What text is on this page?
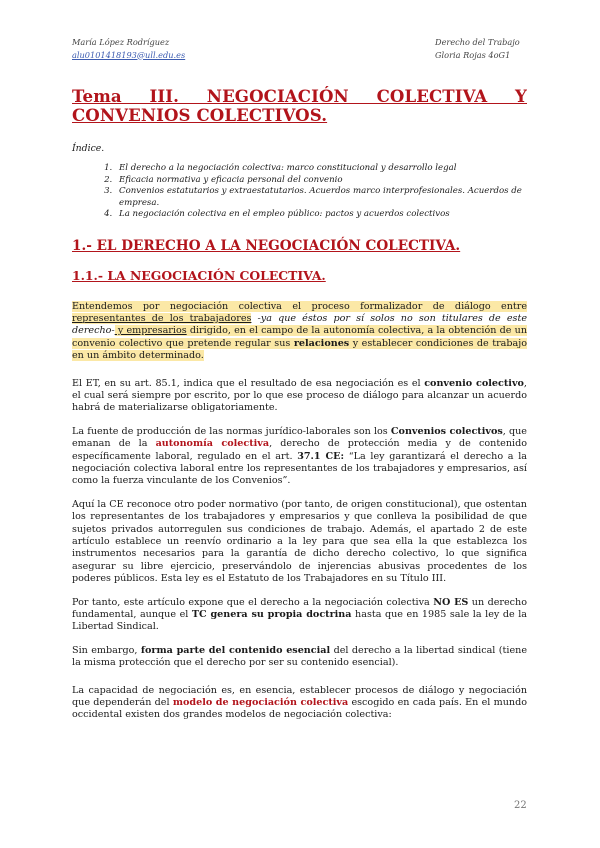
María López Rodríguez
alu0101418193@ull.edu.es
Derecho del Trabajo
Gloria Rojas 4oG1
Tema III. NEGOCIACIÓN COLECTIVA Y CONVENIOS COLECTIVOS.
Índice.
1. El derecho a la negociación colectiva: marco constitucional y desarrollo legal
2. Eficacia normativa y eficacia personal del convenio
3. Convenios estatutarios y extraestatutarios. Acuerdos marco interprofesionales. Acuerdos de empresa.
4. La negociación colectiva en el empleo público: pactos y acuerdos colectivos
1.- EL DERECHO A LA NEGOCIACIÓN COLECTIVA.
1.1.- LA NEGOCIACIÓN COLECTIVA.

Entendemos por negociación colectiva el proceso formalizador de diálogo entre representantes de los trabajadores -ya que éstos por sí solos no son titulares de este derecho- y empresarios dirigido, en el campo de la autonomía colectiva, a la obtención de un convenio colectivo que pretende regular sus relaciones y establecer condiciones de trabajo en un ámbito determinado.

El ET, en su art. 85.1, indica que el resultado de esa negociación es el convenio colectivo, el cual será siempre por escrito, por lo que ese proceso de diálogo para alcanzar un acuerdo habrá de materializarse obligatoriamente.

La fuente de producción de las normas jurídico-laborales son los Convenios colectivos, que emanan de la autonomía colectiva, derecho de protección media y de contenido específicamente laboral, regulado en el art. 37.1 CE: “La ley garantizará el derecho a la negociación colectiva laboral entre los representantes de los trabajadores y empresarios, así como la fuerza vinculante de los Convenios”.

Aquí la CE reconoce otro poder normativo (por tanto, de origen constitucional), que ostentan los representantes de los trabajadores y empresarios y que conlleva la posibilidad de que sujetos privados autorregulen sus condiciones de trabajo. Además, el apartado 2 de este artículo establece un reenvío ordinario a la ley para que sea ella la que establezca los instrumentos necesarios para la garantía de dicho derecho colectivo, lo que significa asegurar su libre ejercicio, preservándolo de injerencias abusivas procedentes de los poderes públicos. Esta ley es el Estatuto de los Trabajadores en su Título III.

Por tanto, este artículo expone que el derecho a la negociación colectiva NO ES un derecho fundamental, aunque el TC genera su propia doctrina hasta que en 1985 sale la ley de la Libertad Sindical.

Sin embargo, forma parte del contenido esencial del derecho a la libertad sindical (tiene la misma protección que el derecho por ser su contenido esencial).

La capacidad de negociación es, en esencia, establecer procesos de diálogo y negociación que dependerán del modelo de negociación colectiva escogido en cada país. En el mundo occidental existen dos grandes modelos de negociación colectiva:

22
